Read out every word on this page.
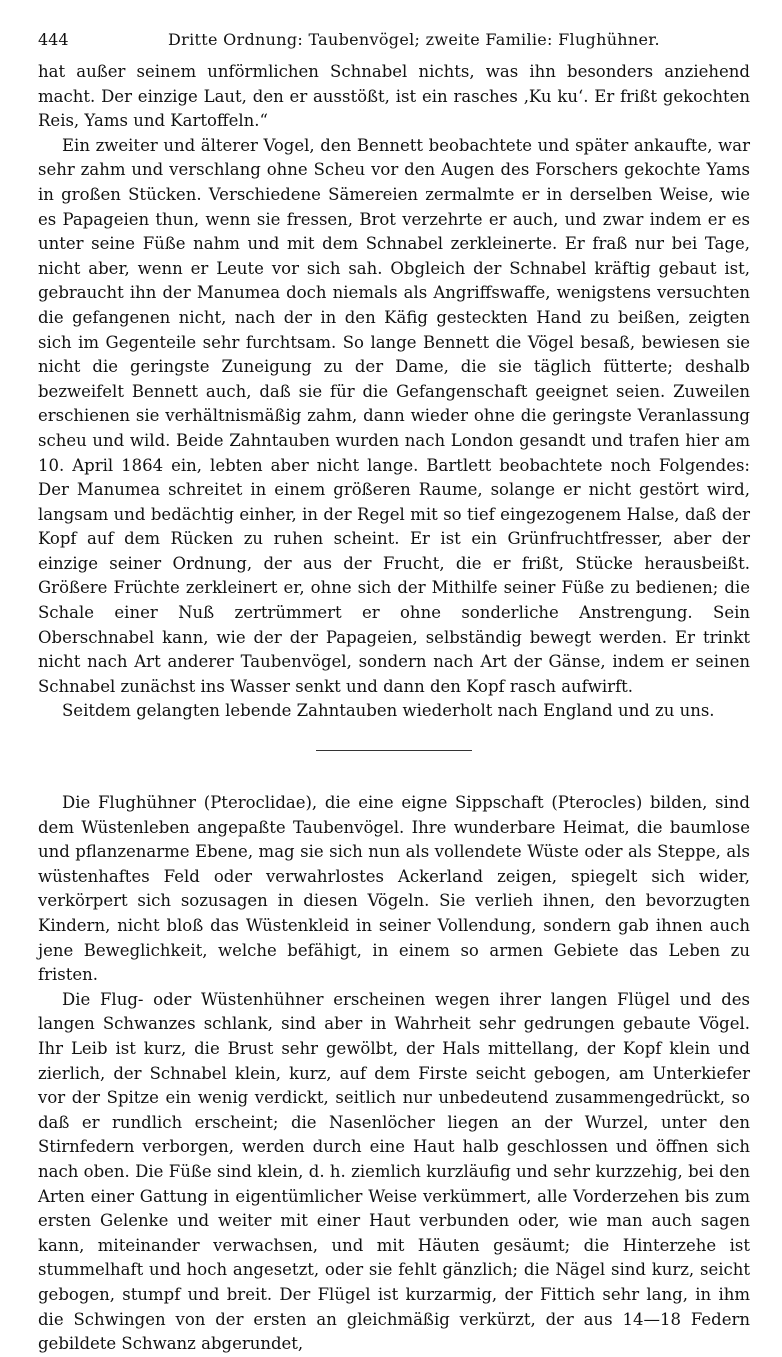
444	Dritte Ordnung: Taubenvögel; zweite Familie: Flughühner.

hat außer seinem unförmlichen Schnabel nichts, was ihn besonders anziehend macht. Der einzige Laut, den er ausstößt, ist ein rasches ‚Ku ku‘. Er frißt gekochten Reis, Yams und Kartoffeln.“

Ein zweiter und älterer Vogel, den Bennett beobachtete und später ankaufte, war sehr zahm und verschlang ohne Scheu vor den Augen des Forschers gekochte Yams in großen Stücken. Verschiedene Sämereien zermalmte er in derselben Weise, wie es Papageien thun, wenn sie fressen, Brot verzehrte er auch, und zwar indem er es unter seine Füße nahm und mit dem Schnabel zerkleinerte. Er fraß nur bei Tage, nicht aber, wenn er Leute vor sich sah. Obgleich der Schnabel kräftig gebaut ist, gebraucht ihn der Manumea doch niemals als Angriffswaffe, wenigstens versuchten die gefangenen nicht, nach der in den Käfig gesteckten Hand zu beißen, zeigten sich im Gegenteile sehr furchtsam. So lange Bennett die Vögel besaß, bewiesen sie nicht die geringste Zuneigung zu der Dame, die sie täglich fütterte; deshalb bezweifelt Bennett auch, daß sie für die Gefangenschaft geeignet seien. Zuweilen erschienen sie verhältnismäßig zahm, dann wieder ohne die geringste Veranlassung scheu und wild. Beide Zahntauben wurden nach London gesandt und trafen hier am 10. April 1864 ein, lebten aber nicht lange. Bartlett beobachtete noch Folgendes: Der Manumea schreitet in einem größeren Raume, solange er nicht gestört wird, langsam und bedächtig einher, in der Regel mit so tief eingezogenem Halse, daß der Kopf auf dem Rücken zu ruhen scheint. Er ist ein Grünfruchtfresser, aber der einzige seiner Ordnung, der aus der Frucht, die er frißt, Stücke herausbeißt. Größere Früchte zerkleinert er, ohne sich der Mithilfe seiner Füße zu bedienen; die Schale einer Nuß zertrümmert er ohne sonderliche Anstrengung. Sein Oberschnabel kann, wie der der Papageien, selbständig bewegt werden. Er trinkt nicht nach Art anderer Taubenvögel, sondern nach Art der Gänse, indem er seinen Schnabel zunächst ins Wasser senkt und dann den Kopf rasch aufwirft.

Seitdem gelangten lebende Zahntauben wiederholt nach England und zu uns.

Die Flughühner (Pteroclidae), die eine eigne Sippschaft (Pterocles) bilden, sind dem Wüstenleben angepaßte Taubenvögel. Ihre wunderbare Heimat, die baumlose und pflanzenarme Ebene, mag sie sich nun als vollendete Wüste oder als Steppe, als wüstenhaftes Feld oder verwahrlostes Ackerland zeigen, spiegelt sich wider, verkörpert sich sozusagen in diesen Vögeln. Sie verlieh ihnen, den bevorzugten Kindern, nicht bloß das Wüstenkleid in seiner Vollendung, sondern gab ihnen auch jene Beweglichkeit, welche befähigt, in einem so armen Gebiete das Leben zu fristen.

Die Flug- oder Wüstenhühner erscheinen wegen ihrer langen Flügel und des langen Schwanzes schlank, sind aber in Wahrheit sehr gedrungen gebaute Vögel. Ihr Leib ist kurz, die Brust sehr gewölbt, der Hals mittellang, der Kopf klein und zierlich, der Schnabel klein, kurz, auf dem Firste seicht gebogen, am Unterkiefer vor der Spitze ein wenig verdickt, seitlich nur unbedeutend zusammengedrückt, so daß er rundlich erscheint; die Nasenlöcher liegen an der Wurzel, unter den Stirnfedern verborgen, werden durch eine Haut halb geschlossen und öffnen sich nach oben. Die Füße sind klein, d. h. ziemlich kurzläufig und sehr kurzzehig, bei den Arten einer Gattung in eigentümlicher Weise verkümmert, alle Vorderzehen bis zum ersten Gelenke und weiter mit einer Haut verbunden oder, wie man auch sagen kann, miteinander verwachsen, und mit Häuten gesäumt; die Hinterzehe ist stummelhaft und hoch angesetzt, oder sie fehlt gänzlich; die Nägel sind kurz, seicht gebogen, stumpf und breit. Der Flügel ist kurzarmig, der Fittich sehr lang, in ihm die Schwingen von der ersten an gleichmäßig verkürzt, der aus 14—18 Federn gebildete Schwanz abgerundet,
